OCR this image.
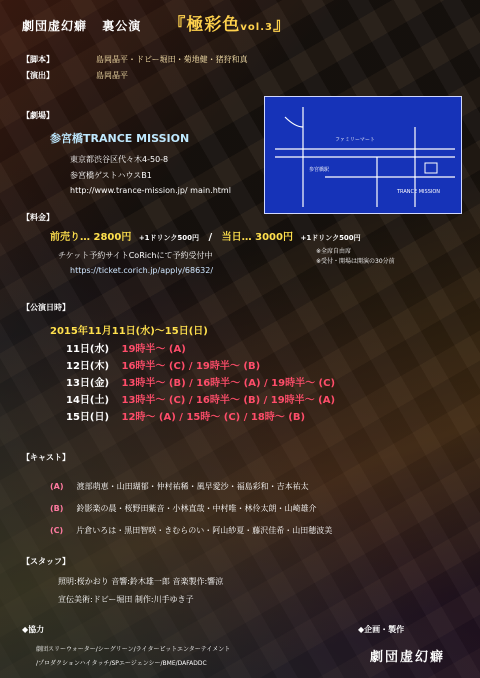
劇団虚幻癖 裏公演 『極彩色vol.3』
【脚本】	島岡晶平・ドビー堀田・菊地健・猪狩和真
【演出】	島岡晶平
【劇場】
参宮橋TRANCE MISSION
東京都渋谷区代々木4-50-8
参宮橋ゲストハウスB1
http://www.trance-mission.jp/ main.html
ファミリーマート
参宮橋駅
TRANCE MISSION
【料金】
前売り… 2800円 +1ドリンク500円 / 当日… 3000円 +1ドリンク500円
チケット予約サイトCoRichにて予約受付中
https://ticket.corich.jp/apply/68632/
※全席自由席
※受付・開場は開演の30分前
【公演日時】
2015年11月11日(水)〜15日(日)
11日(水) 19時半〜 (A)
12日(木) 16時半〜 (C) / 19時半〜 (B)
13日(金) 13時半〜 (B) / 16時半〜 (A) / 19時半〜 (C)
14日(土) 13時半〜 (C) / 16時半〜 (B) / 19時半〜 (A)
15日(日) 12時〜 (A) / 15時〜 (C) / 18時〜 (B)
【キャスト】
(A) 渡部萌恵・山田瑚郁・仲村祐稀・風早愛沙・福島彩和・吉本祐太
(B) 鈴影楽の晨・桜野田紫音・小林直哉・中村唯・林伶太朗・山崎雄介
(C) 片倉いろは・黒田智咲・きむらのい・阿山紗夏・藤沢佳希・山田穂波美
【スタッフ】
照明:桜かおり 音響:鈴木雄一郎 音楽製作:響涼
宣伝美術:ドビー堀田 制作:川手ゆき子
◆協力
劇団スリーウォーター/シーグリーン/ライターピットエンターテイメント
/プロダクションハイタッチ/SPエージェンシー/BME/DAFADDC
◆企画・製作
劇団虚幻癖
